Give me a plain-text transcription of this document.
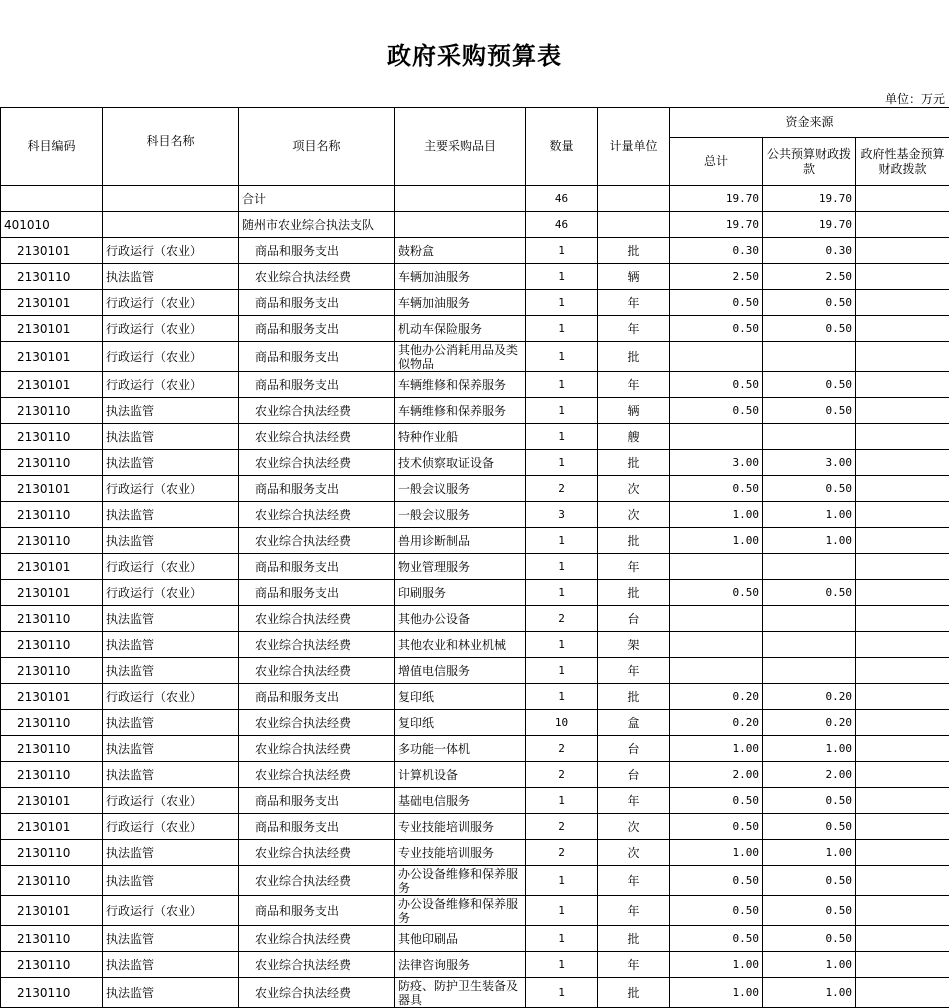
政府采购预算表
单位：万元
科目编码	科目名称	项目名称	主要采购品目	数量	计量单位	资金来源		
						总计	公共预算财政拨款	政府性基金预算财政拨款
		合计		46		19.70	19.70	
401010		随州市农业综合执法支队		46		19.70	19.70	
2130101	行政运行（农业）	商品和服务支出	鼓粉盒	1	批	0.30	0.30	
2130110	执法监管	农业综合执法经费	车辆加油服务	1	辆	2.50	2.50	
2130101	行政运行（农业）	商品和服务支出	车辆加油服务	1	年	0.50	0.50	
2130101	行政运行（农业）	商品和服务支出	机动车保险服务	1	年	0.50	0.50	
2130101	行政运行（农业）	商品和服务支出	其他办公消耗用品及类似物品	1	批			
2130101	行政运行（农业）	商品和服务支出	车辆维修和保养服务	1	年	0.50	0.50	
2130110	执法监管	农业综合执法经费	车辆维修和保养服务	1	辆	0.50	0.50	
2130110	执法监管	农业综合执法经费	特种作业船	1	艘			
2130110	执法监管	农业综合执法经费	技术侦察取证设备	1	批	3.00	3.00	
2130101	行政运行（农业）	商品和服务支出	一般会议服务	2	次	0.50	0.50	
2130110	执法监管	农业综合执法经费	一般会议服务	3	次	1.00	1.00	
2130110	执法监管	农业综合执法经费	兽用诊断制品	1	批	1.00	1.00	
2130101	行政运行（农业）	商品和服务支出	物业管理服务	1	年			
2130101	行政运行（农业）	商品和服务支出	印刷服务	1	批	0.50	0.50	
2130110	执法监管	农业综合执法经费	其他办公设备	2	台			
2130110	执法监管	农业综合执法经费	其他农业和林业机械	1	架			
2130110	执法监管	农业综合执法经费	增值电信服务	1	年			
2130101	行政运行（农业）	商品和服务支出	复印纸	1	批	0.20	0.20	
2130110	执法监管	农业综合执法经费	复印纸	10	盒	0.20	0.20	
2130110	执法监管	农业综合执法经费	多功能一体机	2	台	1.00	1.00	
2130110	执法监管	农业综合执法经费	计算机设备	2	台	2.00	2.00	
2130101	行政运行（农业）	商品和服务支出	基础电信服务	1	年	0.50	0.50	
2130101	行政运行（农业）	商品和服务支出	专业技能培训服务	2	次	0.50	0.50	
2130110	执法监管	农业综合执法经费	专业技能培训服务	2	次	1.00	1.00	
2130110	执法监管	农业综合执法经费	办公设备维修和保养服务	1	年	0.50	0.50	
2130101	行政运行（农业）	商品和服务支出	办公设备维修和保养服务	1	年	0.50	0.50	
2130110	执法监管	农业综合执法经费	其他印刷品	1	批	0.50	0.50	
2130110	执法监管	农业综合执法经费	法律咨询服务	1	年	1.00	1.00	
2130110	执法监管	农业综合执法经费	防疫、防护卫生装备及器具	1	批	1.00	1.00	
